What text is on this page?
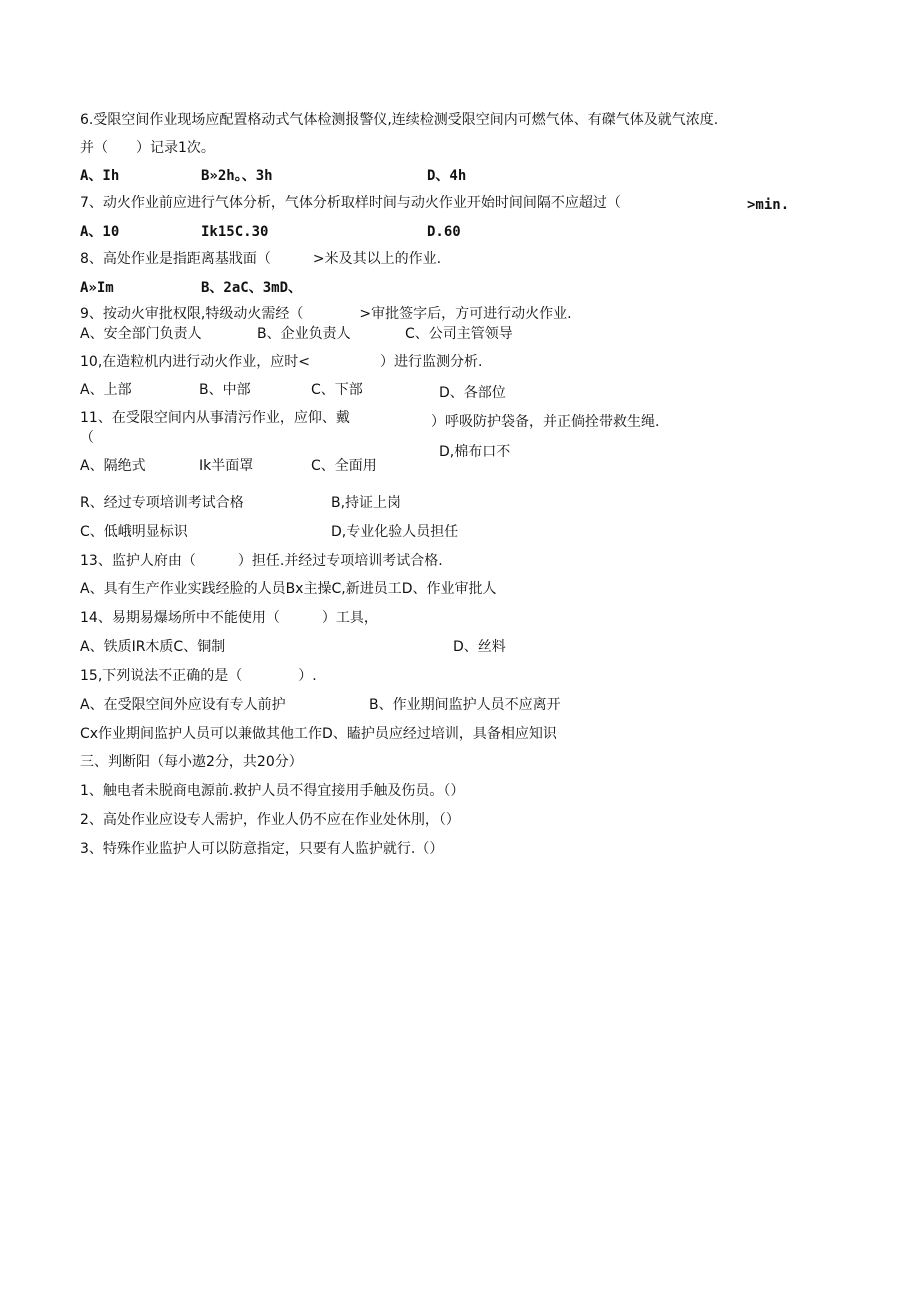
6.受限空间作业现场应配置格动式气体检测报警仪,连续检测受限空间内可燃气体、有磔气体及就气浓度.
并（　　）记录1次。
A、Ih	B»2h。、3h	D、4h
7、动火作业前应进行气体分析，气体分析取样时间与动火作业开始时间间隔不应超过（	>min.
A、10	Ik15C.30	D.60
8、高处作业是指距离基戕面（　　　>米及其以上的作业.
A»Im	B、2aC、3mD、
9、按动火审批权限,特级动火需经（　　　　>审批签字后，方可进行动火作业.
A、安全部门负责人	B、企业负责人	C、公司主管领导
10,在造粒机内进行动火作业，应时<　　　　　）进行监测分析.
A、上部	B、中部	C、下部	D、各部位
11、在受限空间内从事清污作业，应仰、戴
（
）呼吸防护袋备，并正倘拴带救生绳.
D,棉布口不
A、隔绝式	Ik半面罩	C、全面用
R、经过专项培训考试合格	B,持证上岗
C、低峨明显标识	D,专业化验人员担任
13、监护人府由（　　　）担任.并经过专项培训考试合格.
A、具有生产作业实践经脸的人员Bx主操C,新进员工D、作业审批人
14、易期易爆场所中不能使用（　　　）工具，
A、铁质IR木质C、铜制	D、丝料
15,下列说法不正确的是（　　　　）.
A、在受限空间外应设有专人前护	B、作业期间监护人员不应离开
Cx作业期间监护人员可以兼做其他工作D、瞌护员应经过培训，具备相应知识
三、判断阳（每小遨2分，共20分）
1、触电者未脱商电源前.救护人员不得宜接用手触及伤员。（）
2、高处作业应设专人需护，作业人仍不应在作业处休刖，（）
3、特殊作业监护人可以防意指定，只要有人监护就行.（）
